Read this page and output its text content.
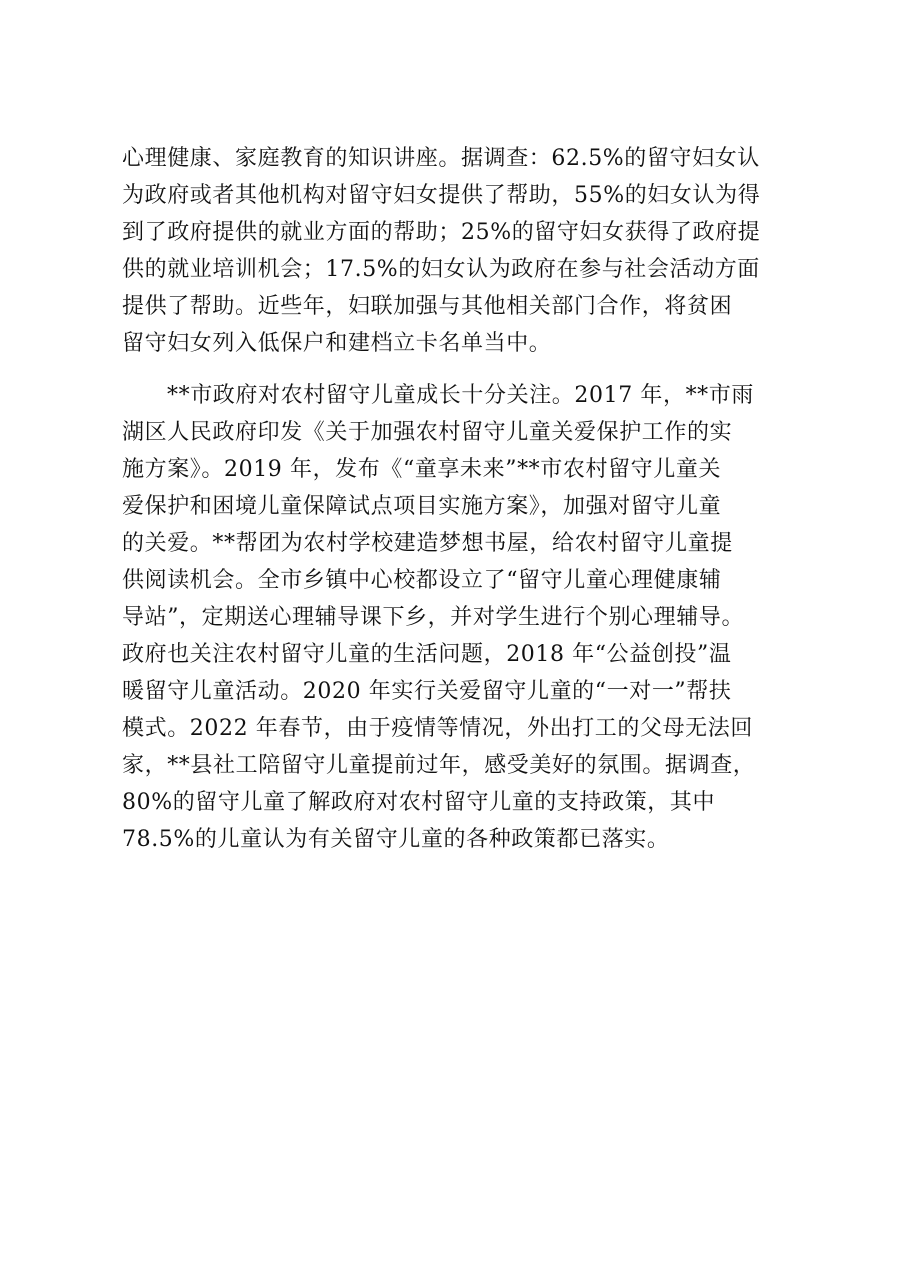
心理健康、家庭教育的知识讲座。据调查：62.5%的留守妇女认
为政府或者其他机构对留守妇女提供了帮助，55%的妇女认为得
到了政府提供的就业方面的帮助；25%的留守妇女获得了政府提
供的就业培训机会；17.5%的妇女认为政府在参与社会活动方面
提供了帮助。近些年，妇联加强与其他相关部门合作，将贫困
留守妇女列入低保户和建档立卡名单当中。
**市政府对农村留守儿童成长十分关注。2017 年，**市雨
湖区人民政府印发《关于加强农村留守儿童关爱保护工作的实
施方案》。2019 年，发布《“童享未来”**市农村留守儿童关
爱保护和困境儿童保障试点项目实施方案》，加强对留守儿童
的关爱。**帮团为农村学校建造梦想书屋，给农村留守儿童提
供阅读机会。全市乡镇中心校都设立了“留守儿童心理健康辅
导站”，定期送心理辅导课下乡，并对学生进行个别心理辅导。
政府也关注农村留守儿童的生活问题，2018 年“公益创投”温
暖留守儿童活动。2020 年实行关爱留守儿童的“一对一”帮扶
模式。2022 年春节，由于疫情等情况，外出打工的父母无法回
家，**县社工陪留守儿童提前过年，感受美好的氛围。据调查，
80%的留守儿童了解政府对农村留守儿童的支持政策，其中
78.5%的儿童认为有关留守儿童的各种政策都已落实。
